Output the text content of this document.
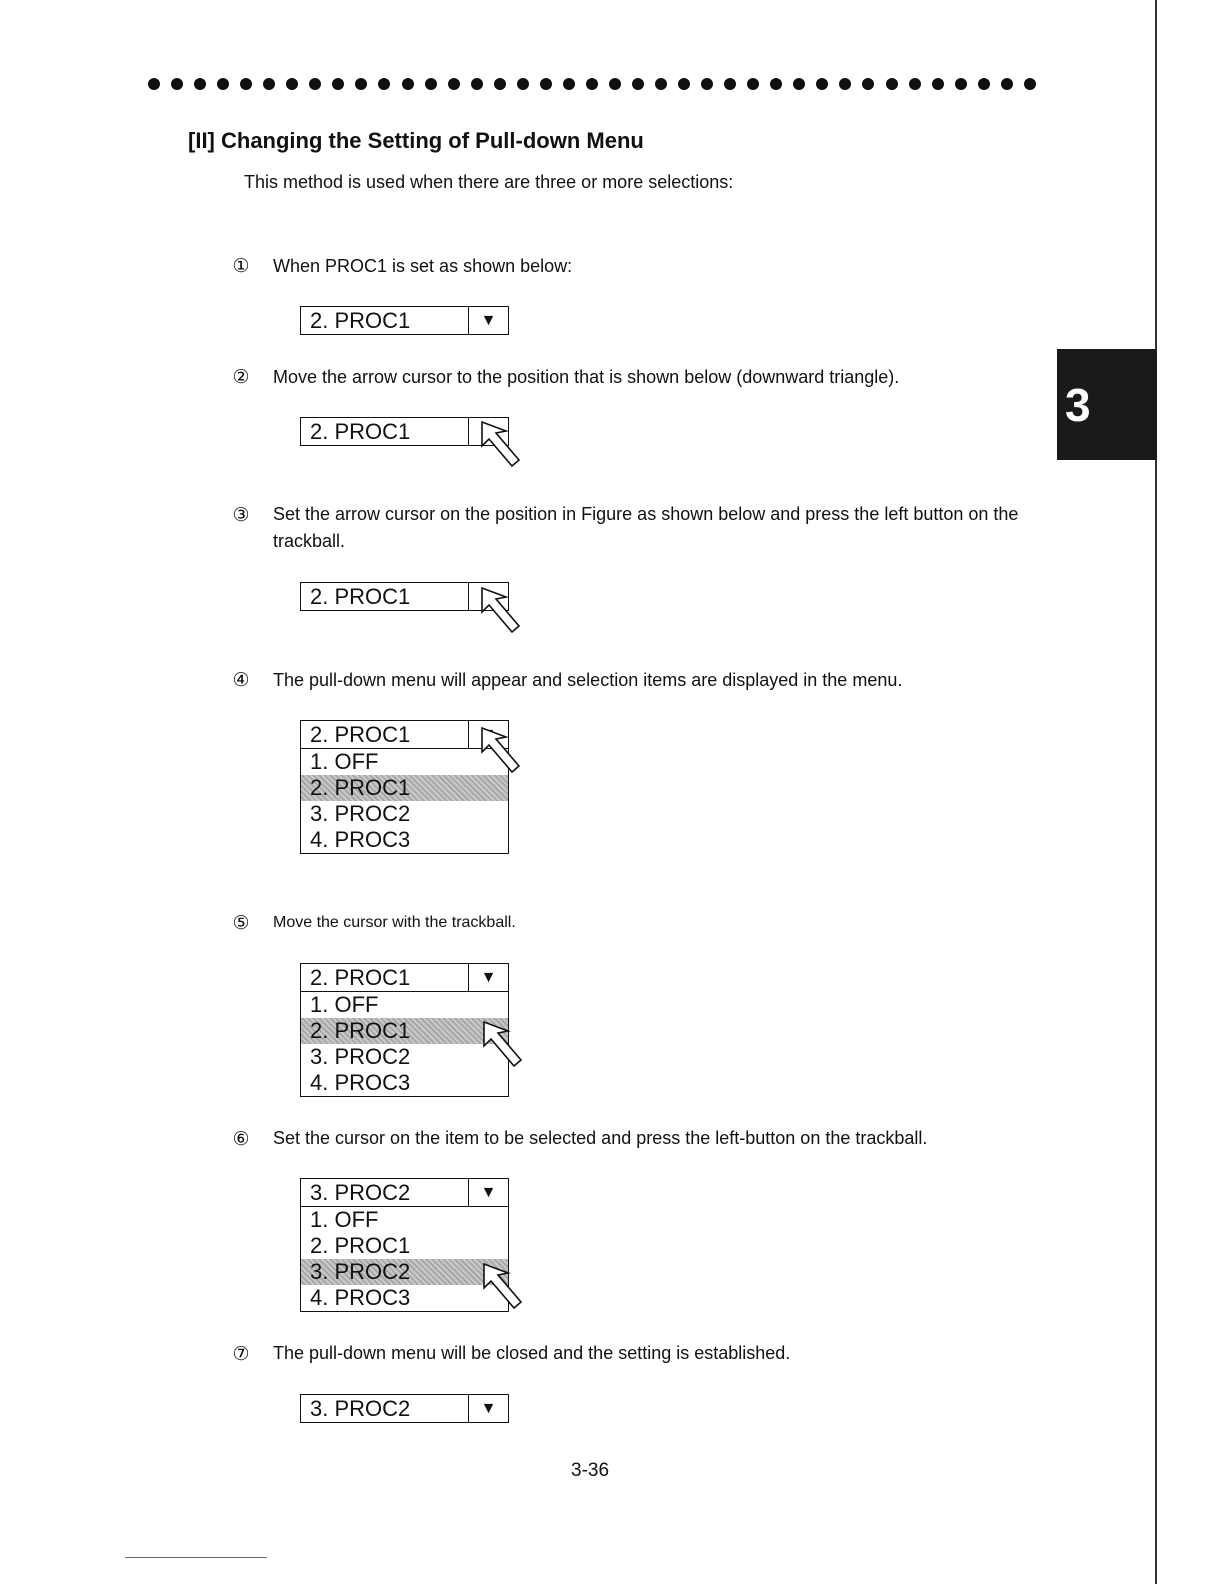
3
[II] Changing the Setting of Pull-down Menu
This method is used when there are three or more selections:
① When PROC1 is set as shown below:
2. PROC1	▼
② Move the arrow cursor to the position that is shown below (downward triangle).
2. PROC1
③ Set the arrow cursor on the position in Figure as shown below and press the left button on the trackball.
2. PROC1
④ The pull-down menu will appear and selection items are displayed in the menu.
2. PROC1
1. OFF
2. PROC1
3. PROC2
4. PROC3
⑤ Move the cursor with the trackball.
2. PROC1	▼
1. OFF
2. PROC1
3. PROC2
4. PROC3
⑥ Set the cursor on the item to be selected and press the left-button on the trackball.
3. PROC2	▼
1. OFF
2. PROC1
3. PROC2
4. PROC3
⑦ The pull-down menu will be closed and the setting is established.
3. PROC2	▼
3-36
